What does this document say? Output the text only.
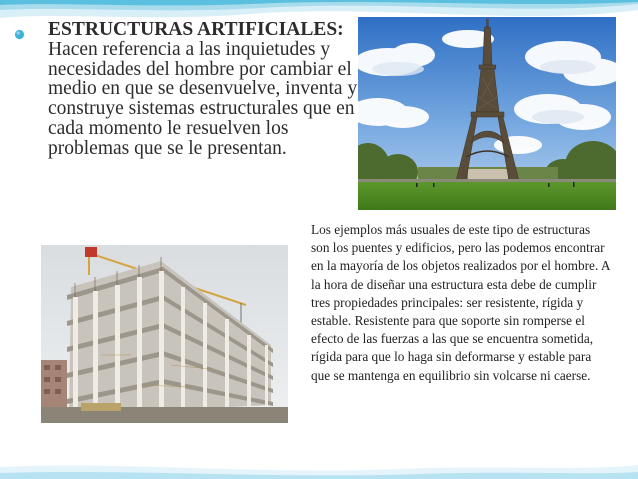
ESTRUCTURAS ARTIFICIALES: Hacen referencia a las inquietudes y necesidades del hombre por cambiar el medio en que se desenvuelve, inventa y construye sistemas estructurales que en cada momento le resuelven los problemas que se le presentan.
Los ejemplos más usuales de este tipo de estructuras son los puentes y edificios, pero las podemos encontrar en la mayoría de los objetos realizados por el hombre. A la hora de diseñar una estructura esta debe de cumplir tres propiedades principales: ser resistente, rígida y estable. Resistente para que soporte sin romperse el efecto de las fuerzas a las que se encuentra sometida, rígida para que lo haga sin deformarse y estable para que se mantenga en equilibrio sin volcarse ni caerse.
